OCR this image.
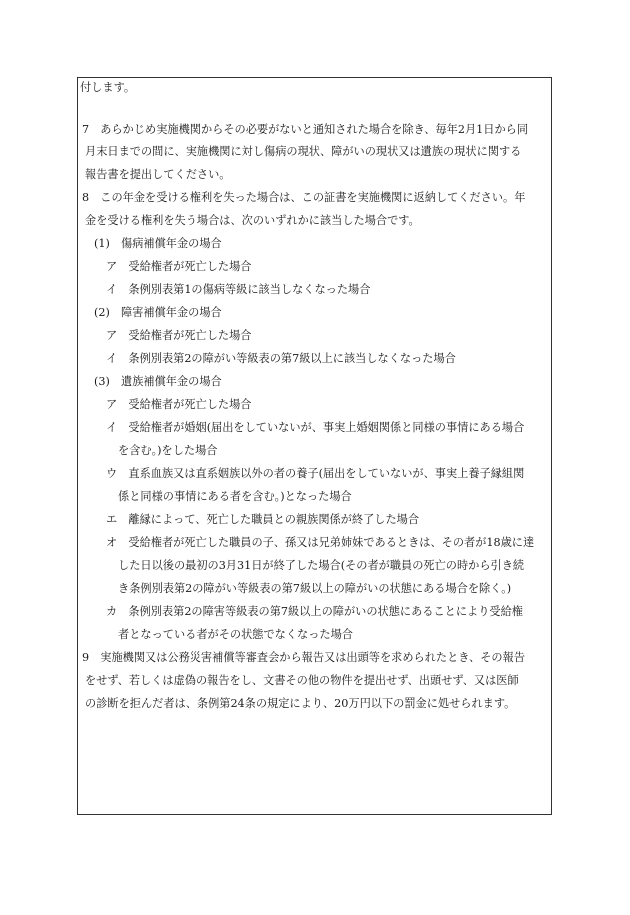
付します。
7　あらかじめ実施機関からその必要がないと通知された場合を除き、毎年2月1日から同
月末日までの間に、実施機関に対し傷病の現状、障がいの現状又は遺族の現状に関する
報告書を提出してください。
8　この年金を受ける権利を失った場合は、この証書を実施機関に返納してください。年
金を受ける権利を失う場合は、次のいずれかに該当した場合です。
(1)　傷病補償年金の場合
ア　受給権者が死亡した場合
イ　条例別表第1の傷病等級に該当しなくなった場合
(2)　障害補償年金の場合
ア　受給権者が死亡した場合
イ　条例別表第2の障がい等級表の第7級以上に該当しなくなった場合
(3)　遺族補償年金の場合
ア　受給権者が死亡した場合
イ　受給権者が婚姻(届出をしていないが、事実上婚姻関係と同様の事情にある場合
を含む。)をした場合
ウ　直系血族又は直系姻族以外の者の養子(届出をしていないが、事実上養子縁組関
係と同様の事情にある者を含む。)となった場合
エ　離縁によって、死亡した職員との親族関係が終了した場合
オ　受給権者が死亡した職員の子、孫又は兄弟姉妹であるときは、その者が18歳に達
した日以後の最初の3月31日が終了した場合(その者が職員の死亡の時から引き続
き条例別表第2の障がい等級表の第7級以上の障がいの状態にある場合を除く。)
カ　条例別表第2の障害等級表の第7級以上の障がいの状態にあることにより受給権
者となっている者がその状態でなくなった場合
9　実施機関又は公務災害補償等審査会から報告又は出頭等を求められたとき、その報告
をせず、若しくは虚偽の報告をし、文書その他の物件を提出せず、出頭せず、又は医師
の診断を拒んだ者は、条例第24条の規定により、20万円以下の罰金に処せられます。
